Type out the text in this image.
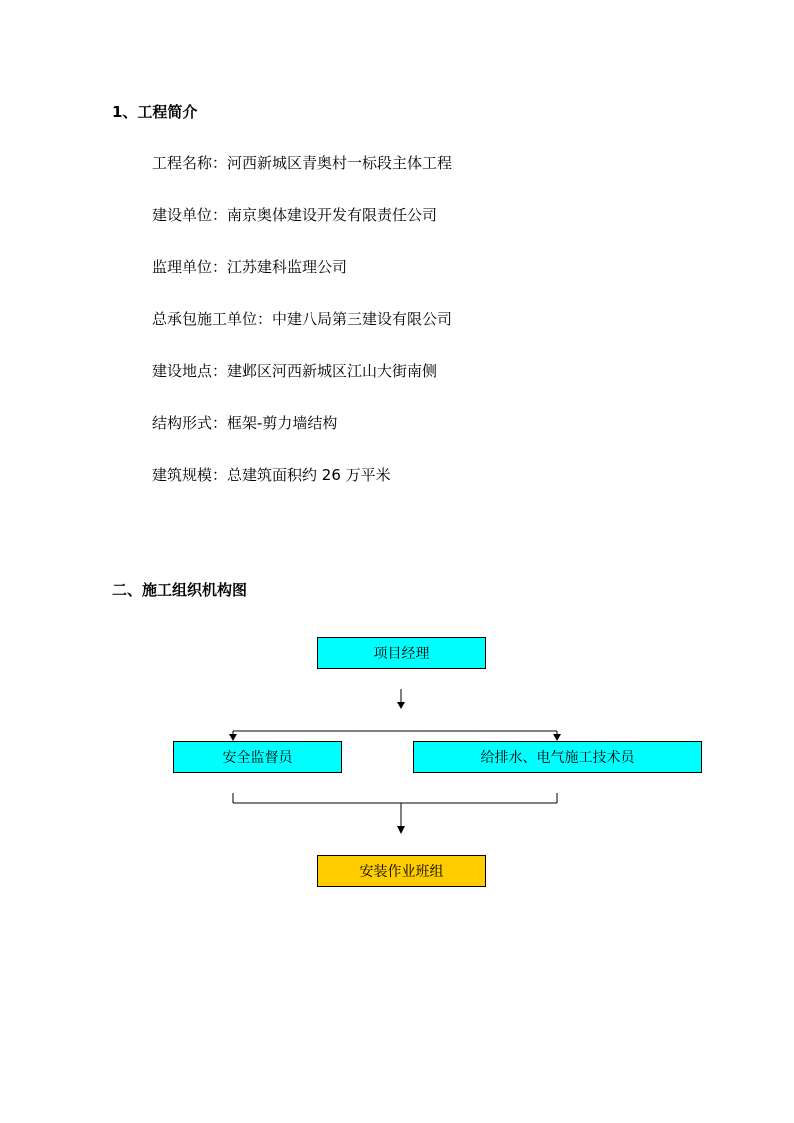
1、工程简介
工程名称：河西新城区青奥村一标段主体工程
建设单位：南京奥体建设开发有限责任公司
监理单位：江苏建科监理公司
总承包施工单位：中建八局第三建设有限公司
建设地点：建邺区河西新城区江山大街南侧
结构形式：框架-剪力墙结构
建筑规模：总建筑面积约 26 万平米
二、施工组织机构图
项目经理
安全监督员	给排水、电气施工技术员
安装作业班组
